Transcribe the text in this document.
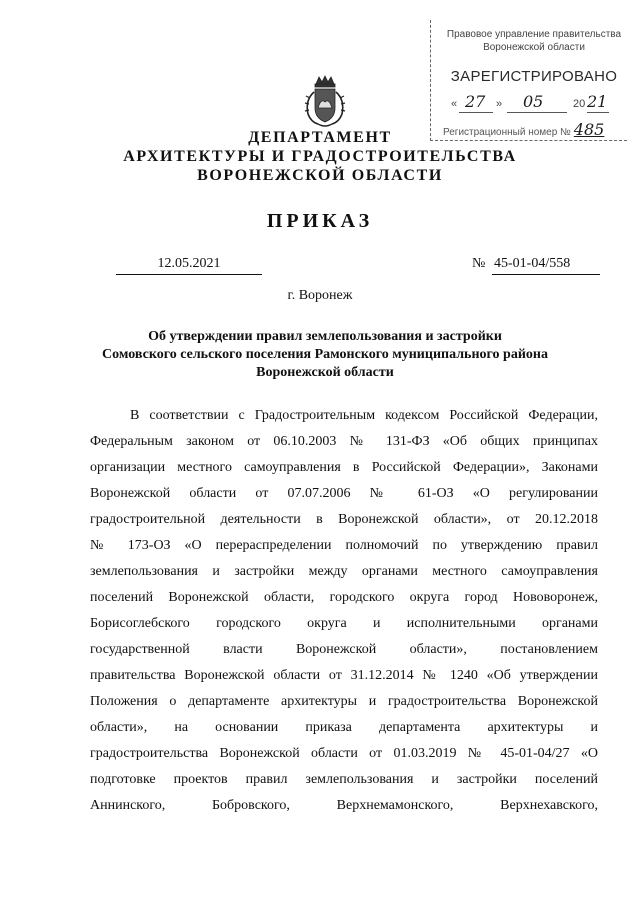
Правовое управление правительства
Воронежской области
ЗАРЕГИСТРИРОВАНО
« 27 » 05	20 21
Регистрационный номер № 485
ДЕПАРТАМЕНТ
АРХИТЕКТУРЫ И ГРАДОСТРОИТЕЛЬСТВА
ВОРОНЕЖСКОЙ ОБЛАСТИ
ПРИКАЗ
12.05.2021	№ 45-01-04/558
г. Воронеж
Об утверждении правил землепользования и застройки
Сомовского сельского поселения Рамонского муниципального района
Воронежской области
В соответствии с Градостроительным кодексом Российской Федерации,
Федеральным законом от 06.10.2003 № 131-ФЗ «Об общих принципах
организации местного самоуправления в Российской Федерации», Законами
Воронежской области от 07.07.2006 № 61-ОЗ «О регулировании
градостроительной деятельности в Воронежской области», от 20.12.2018
№ 173-ОЗ «О перераспределении полномочий по утверждению правил
землепользования и застройки между органами местного самоуправления
поселений Воронежской области, городского округа город Нововоронеж,
Борисоглебского городского округа и исполнительными органами
государственной власти Воронежской области», постановлением
правительства Воронежской области от 31.12.2014 № 1240 «Об утверждении
Положения о департаменте архитектуры и градостроительства Воронежской
области», на основании приказа департамента архитектуры и
градостроительства Воронежской области от 01.03.2019 № 45-01-04/27 «О
подготовке проектов правил землепользования и застройки поселений
Аннинского, Бобровского, Верхнемамонского, Верхнехавского,
